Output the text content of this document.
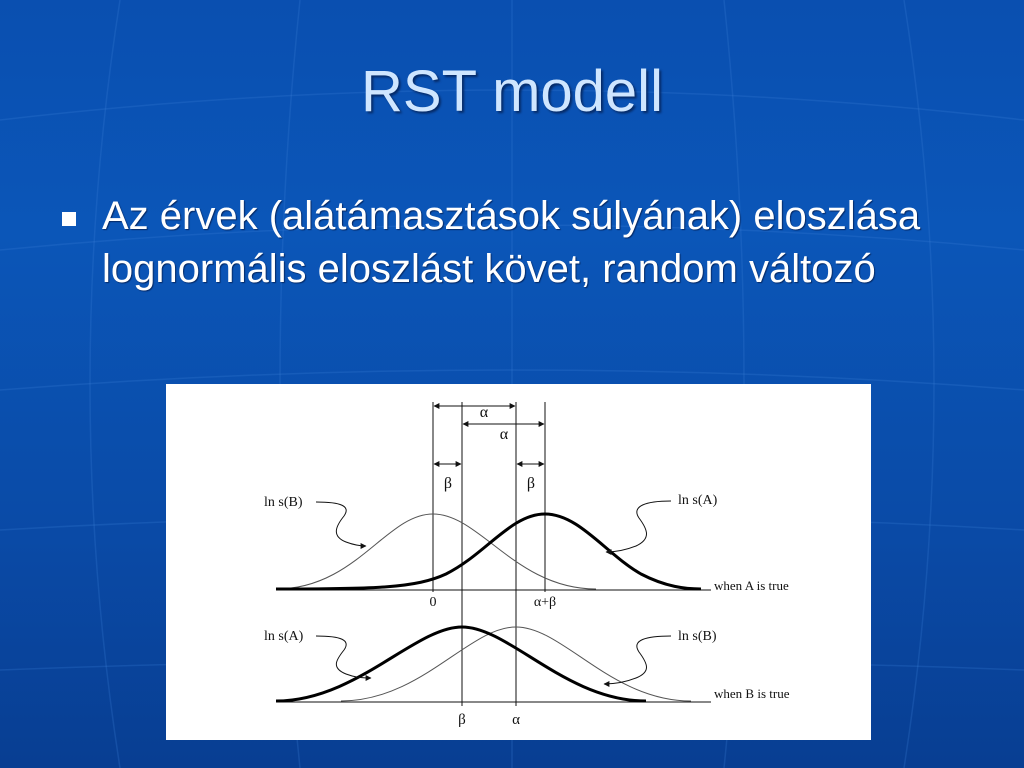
RST modell
Az érvek (alátámasztások súlyának) eloszlása lognormális eloszlást követ, random változó
α
α
β	β
ln s(B)	ln s(A)
when A is true
0	α+β
ln s(A)	ln s(B)
when B is true
β	α
